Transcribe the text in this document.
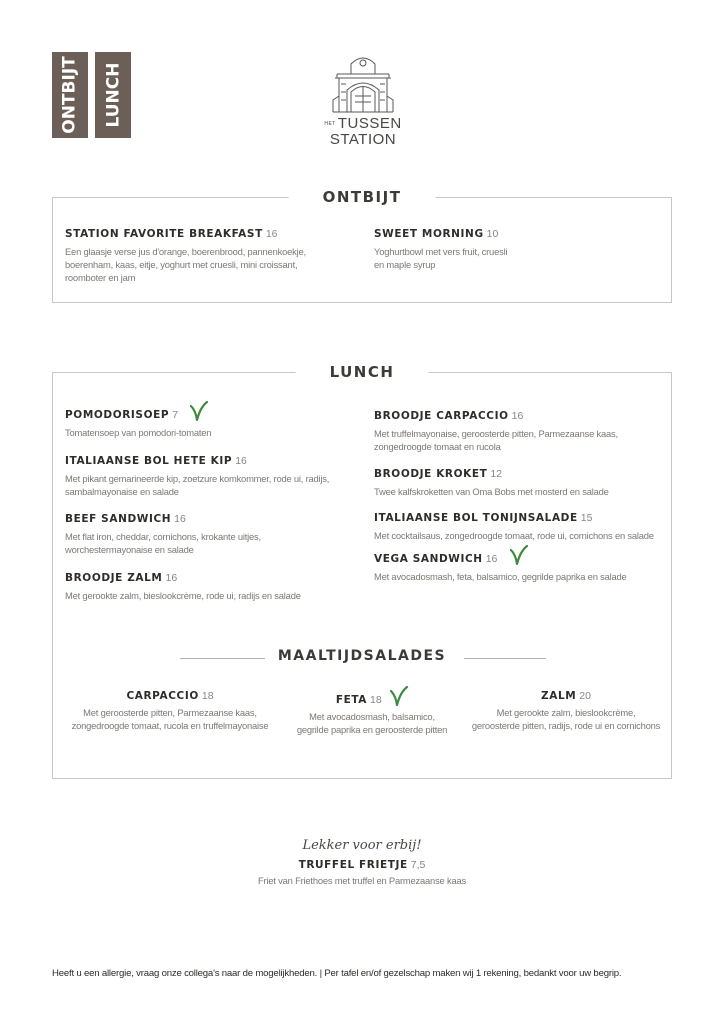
ONTBIJT LUNCH	HET TUSSEN
STATION
ONTBIJT
STATION FAVORITE BREAKFAST 16
Een glaasje verse jus d'orange, boerenbrood, pannenkoekje,
boerenham, kaas, eitje, yoghurt met cruesli, mini croissant,
roomboter en jam
SWEET MORNING 10
Yoghurtbowl met vers fruit, cruesli
en maple syrup
LUNCH
POMODORISOEP 7
Tomatensoep van pomodori-tomaten
ITALIAANSE BOL HETE KIP 16
Met pikant gemarineerde kip, zoetzure komkommer, rode ui, radijs,
sambalmayonaise en salade
BEEF SANDWICH 16
Met flat iron, cheddar, cornichons, krokante uitjes,
worchestermayonaise en salade
BROODJE ZALM 16
Met gerookte zalm, bieslookcrème, rode ui, radijs en salade
BROODJE CARPACCIO 16
Met truffelmayonaise, geroosterde pitten, Parmezaanse kaas,
zongedroogde tomaat en rucola
BROODJE KROKET 12
Twee kalfskroketten van Oma Bobs met mosterd en salade
ITALIAANSE BOL TONIJNSALADE 15
Met cocktailsaus, zongedroogde tomaat, rode ui, cornichons en salade
VEGA SANDWICH 16
Met avocadosmash, feta, balsamico, gegrilde paprika en salade
MAALTIJDSALADES
CARPACCIO 18
Met geroosterde pitten, Parmezaanse kaas,
zongedroogde tomaat, rucola en truffelmayonaise
FETA 18
Met avocadosmash, balsamico,
gegrilde paprika en geroosterde pitten
ZALM 20
Met gerookte zalm, bieslookcrème,
geroosterde pitten, radijs, rode ui en cornichons
Lekker voor erbij!
TRUFFEL FRIETJE 7,5
Friet van Friethoes met truffel en Parmezaanse kaas
Heeft u een allergie, vraag onze collega's naar de mogelijkheden. | Per tafel en/of gezelschap maken wij 1 rekening, bedankt voor uw begrip.
